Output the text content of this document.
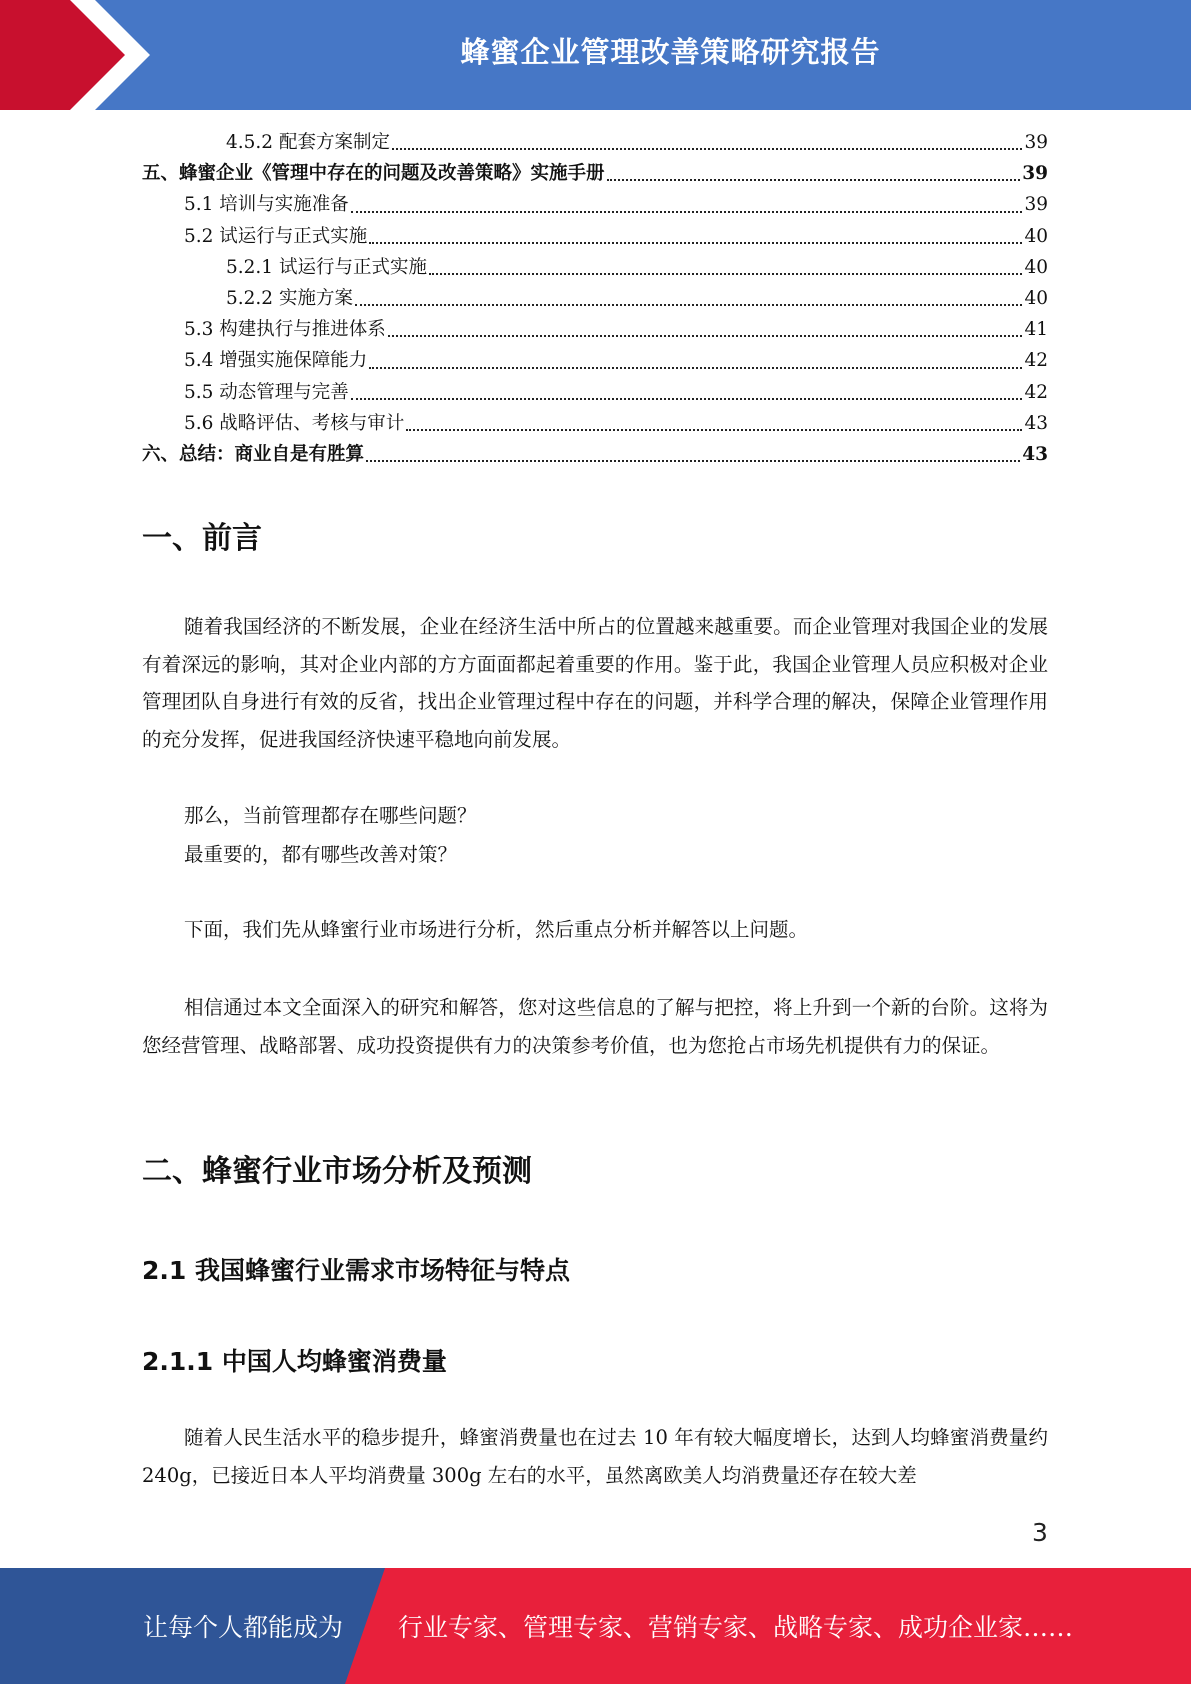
蜂蜜企业管理改善策略研究报告
4.5.2 配套方案制定	39
五、蜂蜜企业《管理中存在的问题及改善策略》实施手册	39
5.1 培训与实施准备	39
5.2 试运行与正式实施	40
5.2.1 试运行与正式实施	40
5.2.2 实施方案	40
5.3 构建执行与推进体系	41
5.4 增强实施保障能力	42
5.5 动态管理与完善	42
5.6 战略评估、考核与审计	43
六、总结：商业自是有胜算	43
一、前言

随着我国经济的不断发展，企业在经济生活中所占的位置越来越重要。而企业管理对我国企业的发展有着深远的影响，其对企业内部的方方面面都起着重要的作用。鉴于此，我国企业管理人员应积极对企业管理团队自身进行有效的反省，找出企业管理过程中存在的问题，并科学合理的解决，保障企业管理作用的充分发挥，促进我国经济快速平稳地向前发展。

那么，当前管理都存在哪些问题？

最重要的，都有哪些改善对策？

下面，我们先从蜂蜜行业市场进行分析，然后重点分析并解答以上问题。

相信通过本文全面深入的研究和解答，您对这些信息的了解与把控，将上升到一个新的台阶。这将为您经营管理、战略部署、成功投资提供有力的决策参考价值，也为您抢占市场先机提供有力的保证。

二、蜂蜜行业市场分析及预测
2.1 我国蜂蜜行业需求市场特征与特点
2.1.1 中国人均蜂蜜消费量

随着人民生活水平的稳步提升，蜂蜜消费量也在过去 10 年有较大幅度增长，达到人均蜂蜜消费量约 240g，已接近日本人平均消费量 300g 左右的水平，虽然离欧美人均消费量还存在较大差

3
让每个人都能成为 行业专家、管理专家、营销专家、战略专家、成功企业家……
